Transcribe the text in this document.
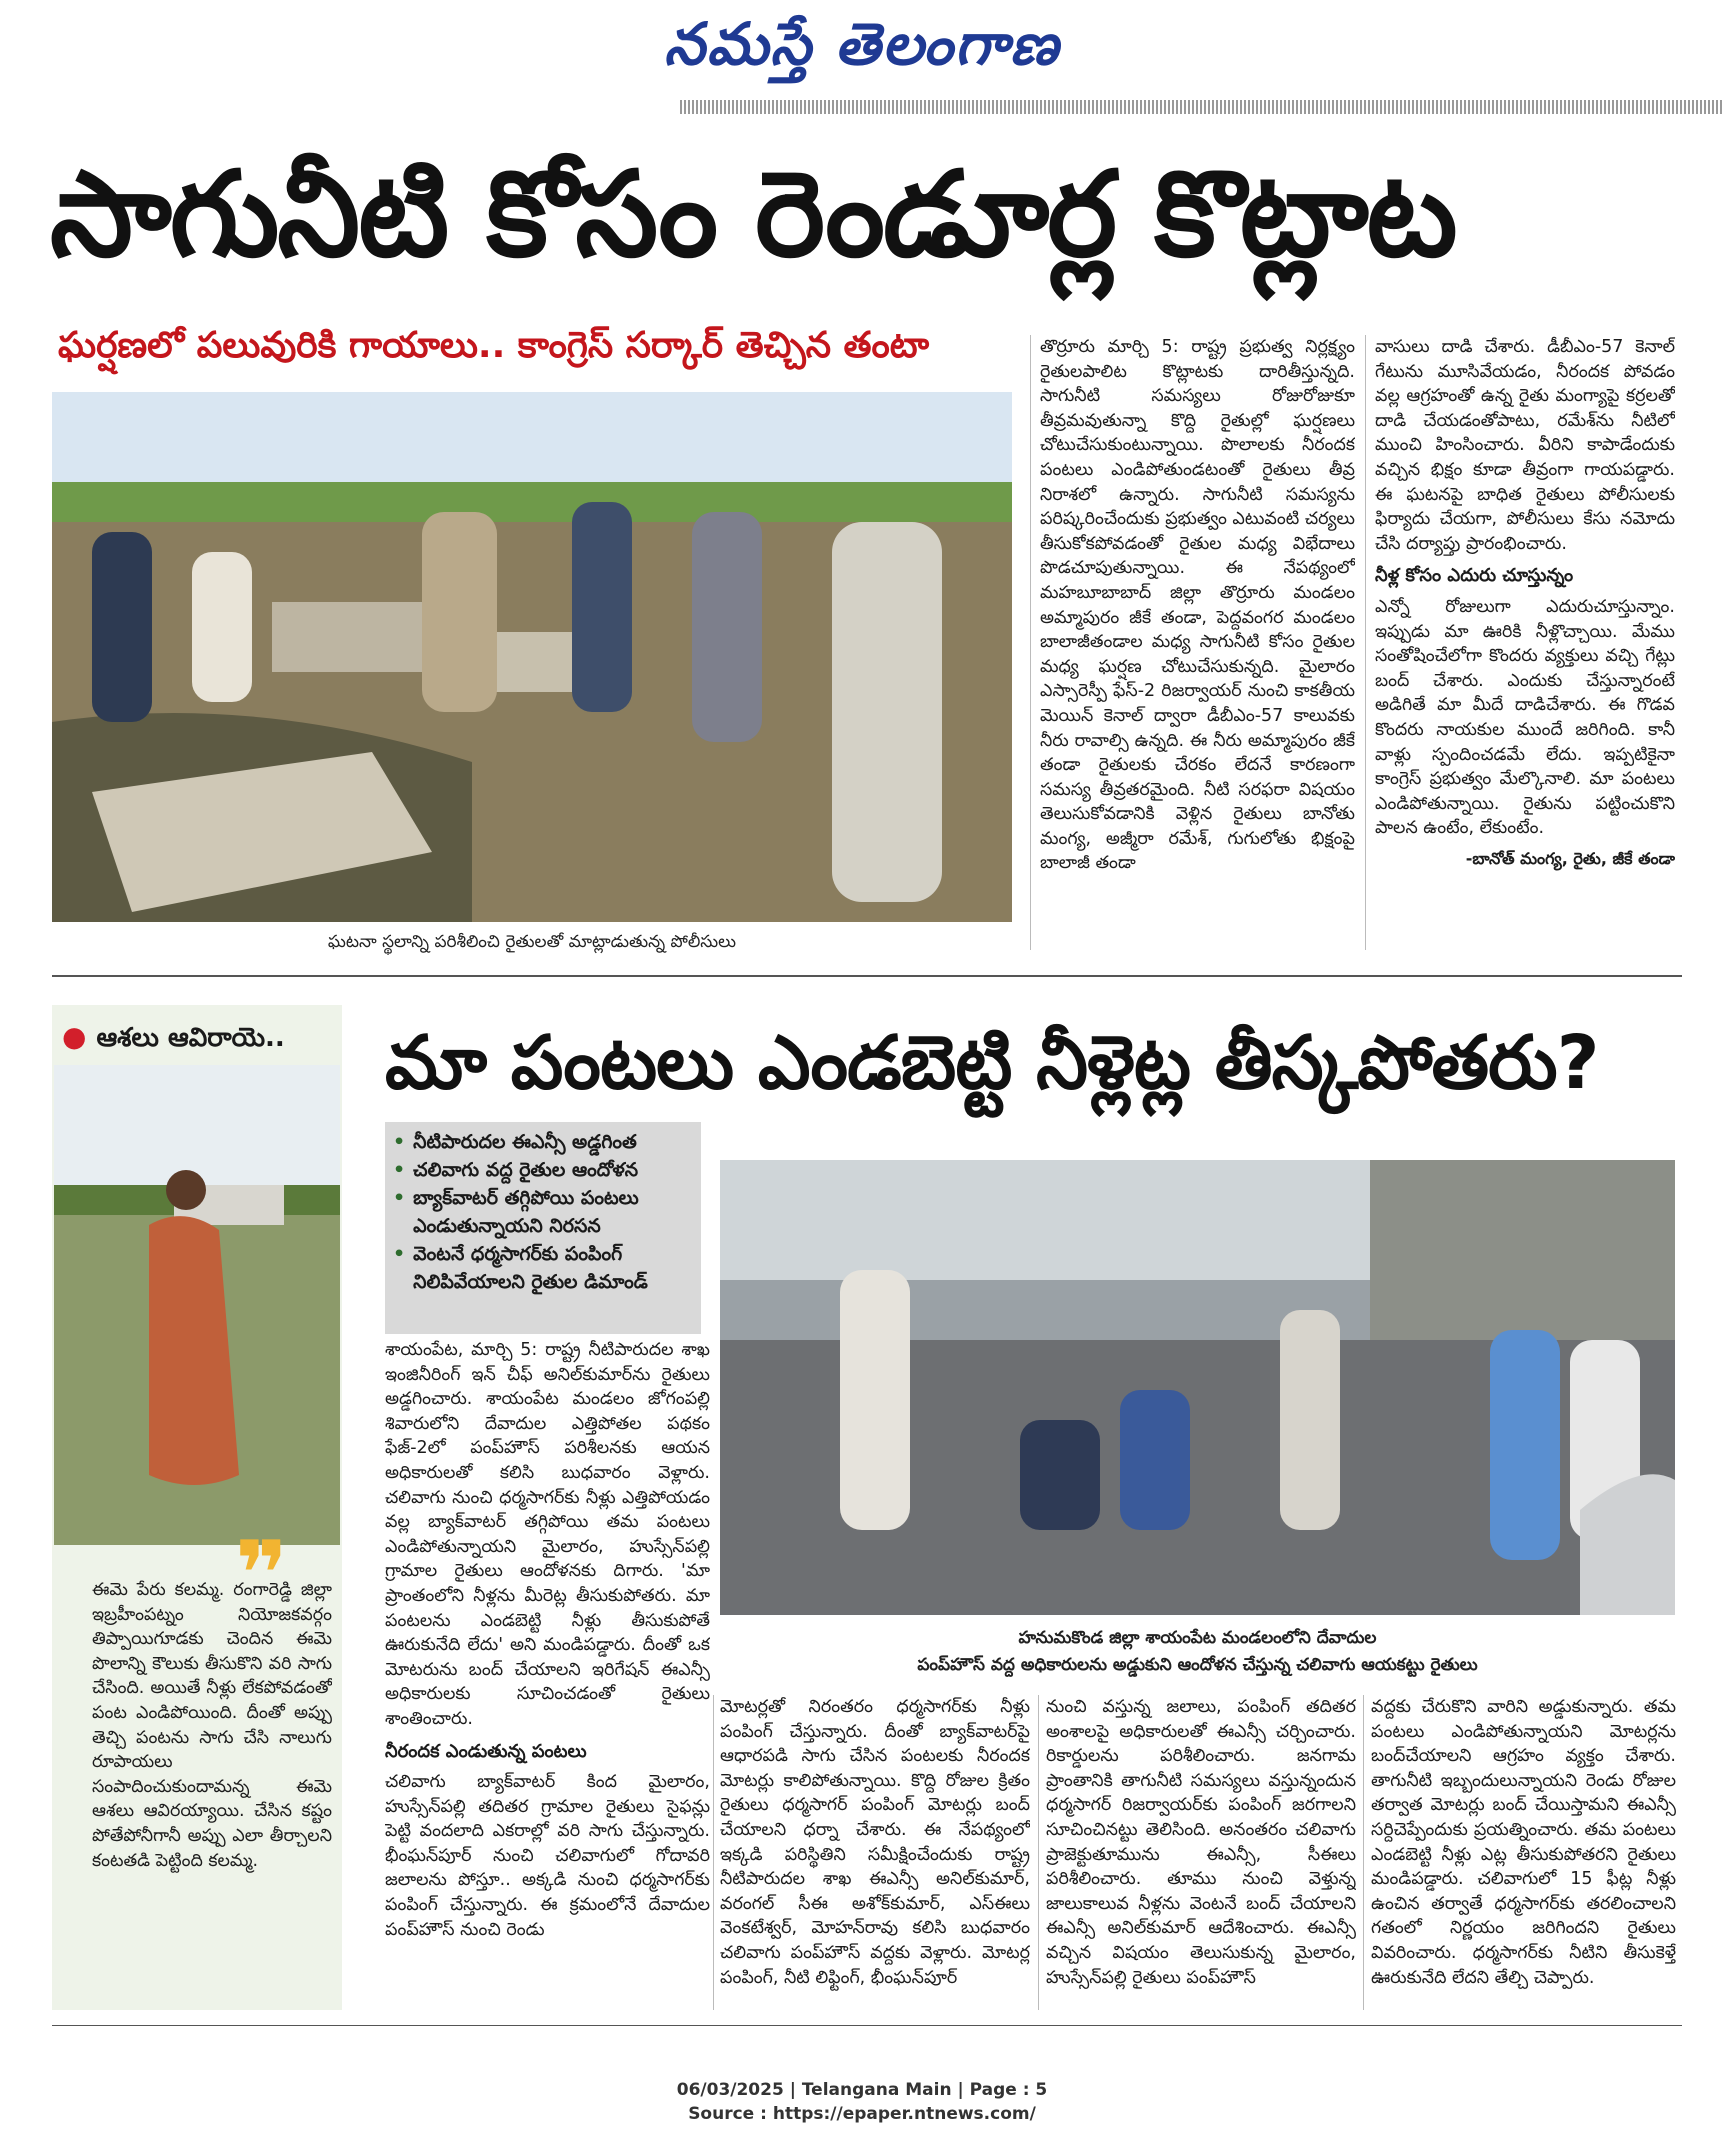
నమస్తే తెలంగాణ
సాగునీటి కోసం రెండూర్ల కొట్లాట
ఘర్షణలో పలువురికి గాయాలు.. కాంగ్రెస్ సర్కార్ తెచ్చిన తంటా
ఘటనా స్థలాన్ని పరిశీలించి రైతులతో మాట్లాడుతున్న పోలీసులు

తొర్రూరు మార్చి 5: రాష్ట్ర ప్రభుత్వ నిర్లక్ష్యం రైతులపాలిట కొట్లాటకు దారితీస్తున్నది. సాగునీటి సమస్యలు రోజురోజుకూ తీవ్రమవుతున్నా కొద్ది రైతుల్లో ఘర్షణలు చోటుచేసుకుంటున్నాయి. పొలాలకు నీరందక పంటలు ఎండిపోతుండటంతో రైతులు తీవ్ర నిరాశలో ఉన్నారు. సాగునీటి సమస్యను పరిష్కరించేందుకు ప్రభుత్వం ఎటువంటి చర్యలు తీసుకోకపోవడంతో రైతుల మధ్య విభేదాలు పొడచూపుతున్నాయి. ఈ నేపథ్యంలో మహబూబాబాద్ జిల్లా తొర్రూరు మండలం అమ్మాపురం జీకే తండా, పెద్దవంగర మండలం బాలాజీతండాల మధ్య సాగునీటి కోసం రైతుల మధ్య ఘర్షణ చోటుచేసుకున్నది. మైలారం ఎస్సారెస్పీ ఫేస్-2 రిజర్వాయర్ నుంచి కాకతీయ మెయిన్ కెనాల్ ద్వారా డీబీఎం-57 కాలువకు నీరు రావాల్సి ఉన్నది. ఈ నీరు అమ్మాపురం జీకే తండా రైతులకు చేరకం లేదనే కారణంగా సమస్య తీవ్రతరమైంది. నీటి సరఫరా విషయం తెలుసుకోవడానికి వెళ్లిన రైతులు బానోతు మంగ్య, అజ్మీరా రమేశ్, గుగులోతు భిక్షంపై బాలాజీ తండా

వాసులు దాడి చేశారు. డీబీఎం-57 కెనాల్ గేటును మూసివేయడం, నీరందక పోవడం వల్ల ఆగ్రహంతో ఉన్న రైతు మంగ్యాపై కర్రలతో దాడి చేయడంతోపాటు, రమేశ్‌ను నీటిలో ముంచి హింసించారు. వీరిని కాపాడేందుకు వచ్చిన భిక్షం కూడా తీవ్రంగా గాయపడ్డారు. ఈ ఘటనపై బాధిత రైతులు పోలీసులకు ఫిర్యాదు చేయగా, పోలీసులు కేసు నమోదు చేసి దర్యాప్తు ప్రారంభించారు.

నీళ్ల కోసం ఎదురు చూస్తున్నం

ఎన్నో రోజులుగా ఎదురుచూస్తున్నాం. ఇప్పుడు మా ఊరికి నీళ్లొచ్చాయి. మేము సంతోషించేలోగా కొందరు వ్యక్తులు వచ్చి గేట్లు బంద్ చేశారు. ఎందుకు చేస్తున్నారంటే అడిగితే మా మీదే దాడిచేశారు. ఈ గొడవ కొందరు నాయకుల ముందే జరిగింది. కానీ వాళ్లు స్పందించడమే లేదు. ఇప్పటికైనా కాంగ్రెస్ ప్రభుత్వం మేల్కొనాలి. మా పంటలు ఎండిపోతున్నాయి. రైతును పట్టించుకొని పాలన ఉంటేం, లేకుంటేం.

-బానోత్ మంగ్య, రైతు, జీకే తండా

● ఆశలు ఆవిరాయె..
❞

ఈమె పేరు కలమ్మ. రంగారెడ్డి జిల్లా ఇబ్రహీంపట్నం నియోజకవర్గం తిప్పాయిగూడకు చెందిన ఈమె పొలాన్ని కౌలుకు తీసుకొని వరి సాగు చేసింది. అయితే నీళ్లు లేకపోవడంతో పంట ఎండిపోయింది. దీంతో అప్పు తెచ్చి పంటను సాగు చేసి నాలుగు రూపాయలు సంపాదించుకుందామన్న ఈమె ఆశలు ఆవిరయ్యాయి. చేసిన కష్టం పోతేపోనీగానీ అప్పు ఎలా తీర్చాలని కంటతడి పెట్టింది కలమ్మ.

మా పంటలు ఎండబెట్టి నీళ్లెట్ల తీస్కపోతరు?
• నీటిపారుదల ఈఎన్సీ అడ్డగింత
• చలివాగు వద్ద రైతుల ఆందోళన
• బ్యాక్‌వాటర్ తగ్గిపోయి పంటలు ఎండుతున్నాయని నిరసన
• వెంటనే ధర్మసాగర్‌కు పంపింగ్ నిలిపివేయాలని రైతుల డిమాండ్

శాయంపేట, మార్చి 5: రాష్ట్ర నీటిపారుదల శాఖ ఇంజినీరింగ్ ఇన్ చీఫ్ అనిల్‌కుమార్‌ను రైతులు అడ్డగించారు. శాయంపేట మండలం జోగంపల్లి శివారులోని దేవాదుల ఎత్తిపోతల పథకం ఫేజ్-2లో పంప్‌హౌస్ పరిశీలనకు ఆయన అధికారులతో కలిసి బుధవారం వెళ్లారు. చలివాగు నుంచి ధర్మసాగర్‌కు నీళ్లు ఎత్తిపోయడం వల్ల బ్యాక్‌వాటర్ తగ్గిపోయి తమ పంటలు ఎండిపోతున్నాయని మైలారం, హుస్సేన్‌పల్లి గ్రామాల రైతులు ఆందోళనకు దిగారు. 'మా ప్రాంతంలోని నీళ్లను మీరెట్ల తీసుకుపోతరు. మా పంటలను ఎండబెట్టి నీళ్లు తీసుకుపోతే ఊరుకునేది లేదు' అని మండిపడ్డారు. దీంతో ఒక మోటరును బంద్ చేయాలని ఇరిగేషన్ ఈఎన్సీ అధికారులకు సూచించడంతో రైతులు శాంతించారు.

నీరందక ఎండుతున్న పంటలు

చలివాగు బ్యాక్‌వాటర్ కింద మైలారం, హుస్సేన్‌పల్లి తదితర గ్రామాల రైతులు సైఫన్లు పెట్టి వందలాది ఎకరాల్లో వరి సాగు చేస్తున్నారు. భీంఘన్‌పూర్ నుంచి చలివాగులో గోదావరి జలాలను పోస్తూ.. అక్కడి నుంచి ధర్మసాగర్‌కు పంపింగ్ చేస్తున్నారు. ఈ క్రమంలోనే దేవాదుల పంప్‌హౌస్ నుంచి రెండు

హనుమకొండ జిల్లా శాయంపేట మండలంలోని దేవాదుల
పంప్‌హౌస్ వద్ద అధికారులను అడ్డుకుని ఆందోళన చేస్తున్న చలివాగు ఆయకట్టు రైతులు

మోటర్లతో నిరంతరం ధర్మసాగర్‌కు నీళ్లు పంపింగ్ చేస్తున్నారు. దీంతో బ్యాక్‌వాటర్‌పై ఆధారపడి సాగు చేసిన పంటలకు నీరందక మోటర్లు కాలిపోతున్నాయి. కొద్ది రోజుల క్రితం రైతులు ధర్మసాగర్ పంపింగ్ మోటర్లు బంద్ చేయాలని ధర్నా చేశారు. ఈ నేపథ్యంలో ఇక్కడి పరిస్థితిని సమీక్షించేందుకు రాష్ట్ర నీటిపారుదల శాఖ ఈఎన్సీ అనిల్‌కుమార్, వరంగల్ సీఈ అశోక్‌కుమార్, ఎస్ఈలు వెంకటేశ్వర్, మోహన్‌రావు కలిసి బుధవారం చలివాగు పంప్‌హౌస్ వద్దకు వెళ్లారు. మోటర్ల పంపింగ్, నీటి లిఫ్టింగ్, భీంఘన్‌పూర్

నుంచి వస్తున్న జలాలు, పంపింగ్ తదితర అంశాలపై అధికారులతో ఈఎన్సీ చర్చించారు. రికార్డులను పరిశీలించారు. జనగామ ప్రాంతానికి తాగునీటి సమస్యలు వస్తున్నందున ధర్మసాగర్ రిజర్వాయర్‌కు పంపింగ్ జరగాలని సూచించినట్టు తెలిసింది. అనంతరం చలివాగు ప్రాజెక్టుతూమును ఈఎన్సీ, సీఈలు పరిశీలించారు. తూము నుంచి వెళ్తున్న జాలుకాలువ నీళ్లను వెంటనే బంద్ చేయాలని ఈఎన్సీ అనిల్‌కుమార్ ఆదేశించారు. ఈఎన్సీ వచ్చిన విషయం తెలుసుకున్న మైలారం, హుస్సేన్‌పల్లి రైతులు పంప్‌హౌస్

వద్దకు చేరుకొని వారిని అడ్డుకున్నారు. తమ పంటలు ఎండిపోతున్నాయని మోటర్లను బంద్‌చేయాలని ఆగ్రహం వ్యక్తం చేశారు. తాగునీటి ఇబ్బందులున్నాయని రెండు రోజుల తర్వాత మోటర్లు బంద్ చేయిస్తామని ఈఎన్సీ సర్దిచెప్పేందుకు ప్రయత్నించారు. తమ పంటలు ఎండబెట్టి నీళ్లు ఎట్ల తీసుకుపోతరని రైతులు మండిపడ్డారు. చలివాగులో 15 ఫీట్ల నీళ్లు ఉంచిన తర్వాతే ధర్మసాగర్‌కు తరలించాలని గతంలో నిర్ణయం జరిగిందని రైతులు వివరించారు. ధర్మసాగర్‌కు నీటిని తీసుకెళ్తే ఊరుకునేది లేదని తేల్చి చెప్పారు.

06/03/2025 | Telangana Main | Page : 5
Source : https://epaper.ntnews.com/
